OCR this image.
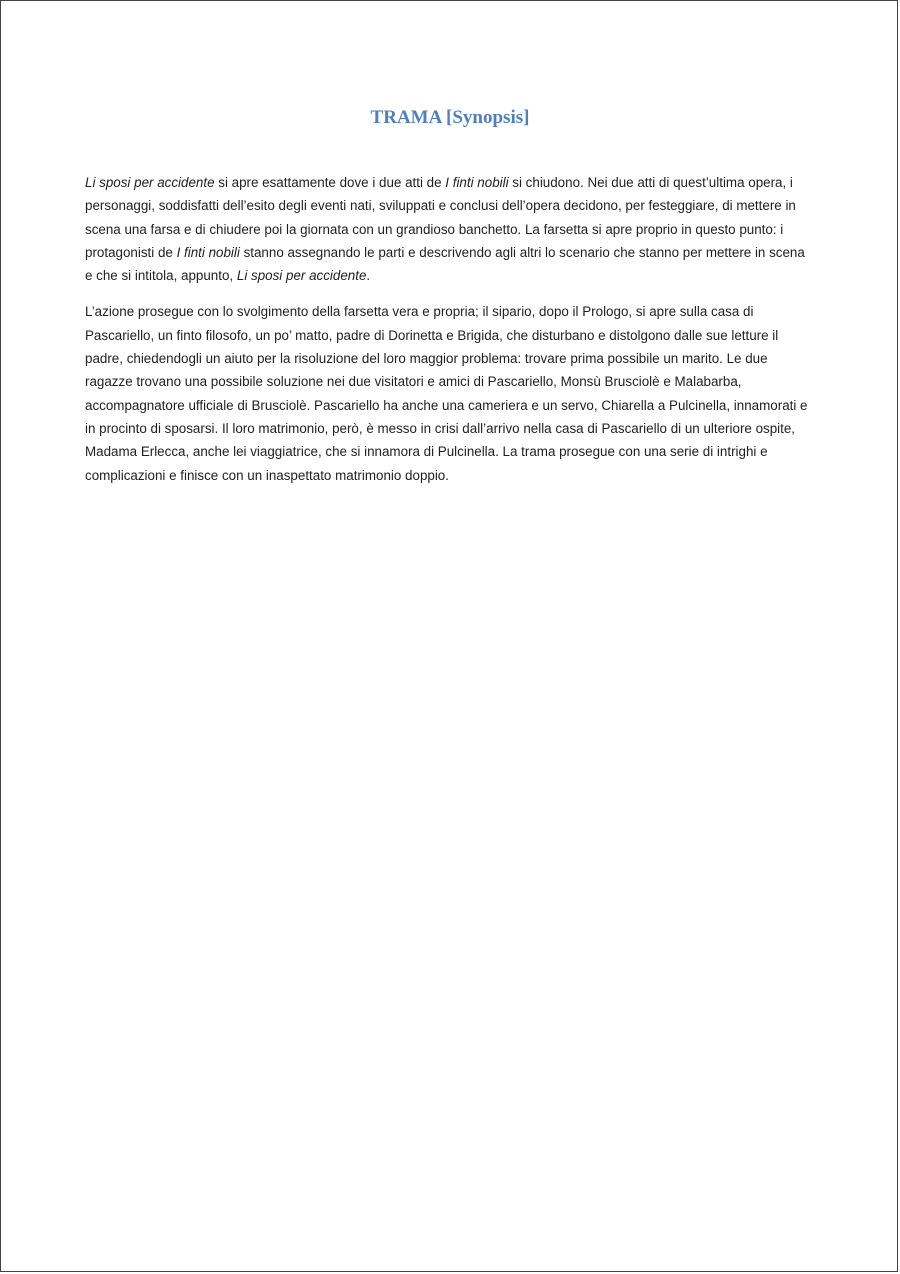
TRAMA [Synopsis]

Li sposi per accidente si apre esattamente dove i due atti de I finti nobili si chiudono. Nei due atti di quest’ultima opera, i personaggi, soddisfatti dell’esito degli eventi nati, sviluppati e conclusi dell’opera decidono, per festeggiare, di mettere in scena una farsa e di chiudere poi la giornata con un grandioso banchetto. La farsetta si apre proprio in questo punto: i protagonisti de I finti nobili stanno assegnando le parti e descrivendo agli altri lo scenario che stanno per mettere in scena e che si intitola, appunto, Li sposi per accidente.

L’azione prosegue con lo svolgimento della farsetta vera e propria; il sipario, dopo il Prologo, si apre sulla casa di Pascariello, un finto filosofo, un po’ matto, padre di Dorinetta e Brigida, che disturbano e distolgono dalle sue letture il padre, chiedendogli un aiuto per la risoluzione del loro maggior problema: trovare prima possibile un marito. Le due ragazze trovano una possibile soluzione nei due visitatori e amici di Pascariello, Monsù Brusciolè e Malabarba, accompagnatore ufficiale di Brusciolè. Pascariello ha anche una cameriera e un servo, Chiarella a Pulcinella, innamorati e in procinto di sposarsi. Il loro matrimonio, però, è messo in crisi dall’arrivo nella casa di Pascariello di un ulteriore ospite, Madama Erlecca, anche lei viaggiatrice, che si innamora di Pulcinella. La trama prosegue con una serie di intrighi e complicazioni e finisce con un inaspettato matrimonio doppio.
